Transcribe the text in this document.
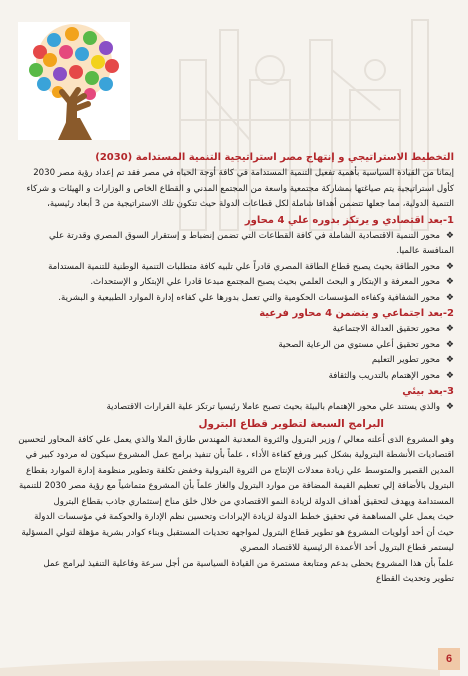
التخطيط الاستراتيجي و إنتهاج مصر استراتيجية التنمية المستدامة (2030)

إيمانا من القيادة السياسية بأهمية تفعيل التنمية المستدامة في كافة أوجة الحياه في مصر فقد تم إعداد رؤية مصر 2030

كأول استراتيجية يتم صياغتها بمشاركة مجتمعية واسعة من المجتمع المدني و القطاع الخاص و الوزارات و الهيئات و شركاء

التنمية الدولية، مما جعلها تتضمن أهدافا شاملة لكل قطاعات الدولة حيث تتكون تلك الاستراتيجية من 3 أبعاد رئيسية،

1-بعد اقتصادي و يرتكز بدوره علي 4 محاور

❖
محور التنمية الاقتصادية الشاملة في كافة القطاعات التي تضمن إنضباط و إستقرار السوق المصري وقدرتة علي

المنافسة عالميا.

❖
محور الطاقة بحيث يصبح قطاع الطاقة المصري قادراً علي تلبيه كافة متطلبات التنمية الوطنية للتنمية المستدامة

❖
محور المعرفة و الإبتكار و البحث العلمي بحيث يصبح المجتمع مبدعا قادرا علي الإبتكار و الإستحداث.

❖
محور الشفافية وكفاءه المؤسسات الحكومية والتي تعمل بدورها علي كفاءه إدارة الموارد الطبيعية و البشرية.

2-بعد اجتماعي و يتضمن 4 محاور فرعية

❖
محور تحقيق العدالة الاجتماعية

❖
محور تحقيق أعلي مستوي من الرعاية الصحية

❖
محور تطوير التعليم

❖
محور الإهتمام بالتدريب والثقافة

3-بعد بيئي

❖
والذي يستند علي محور الإهتمام بالبيئة بحيث تصبح عاملا رئيسيا ترتكز علية القرارات الاقتصادية

البرامج السبعة لتطوير قطاع البترول

وهو المشروع الذى أعلنه معالي / وزير البترول والثروة المعدنية المهندس طارق الملا والذي يعمل علي كافة المحاور لتحسين

اقتصاديات الأنشطة البترولية بشكل كبير ورفع كفاءة الأداء ، علماً بأن تنفيذ برامج عمل المشروع سيكون له مردود كبير في

المدين القصير والمتوسط علي زيادة معدلات الإنتاج من الثروة البترولية وخفض تكلفة وتطوير منظومة إدارة الموارد بقطاع

البترول بالأضافة إلي تعظيم القيمة المضافة من موارد البترول والغاز علماً بأن المشروع متماشياً مع رؤية مصر 2030 للتنمية

المستدامة ويهدف لتحقيق أهداف الدولة لزيادة النمو الاقتصادي من خلال خلق مناخ إستثماري جاذب بقطاع البترول

حيث يعمل علي المساهمة في تحقيق خطط الدولة لزيادة الإيرادات وتحسين نظم الإدارة والحوكمة في مؤسسات الدولة

حيث أن أحد أولويات المشروع هو تطوير قطاع البترول لمواجهه تحديات المستقبل وبناء كوادر بشرية مؤهلة لتولي المسؤلية

ليستمر قطاع البترول أحد الأعمدة الرئيسية للاقتصاد المصري

علماً بأن هذا المشروع يحظى بدعم ومتابعة مستمرة من القيادة السياسية من أجل سرعة وفاعلية التنفيذ لبرامج عمل

تطوير وتحديث القطاع

6
